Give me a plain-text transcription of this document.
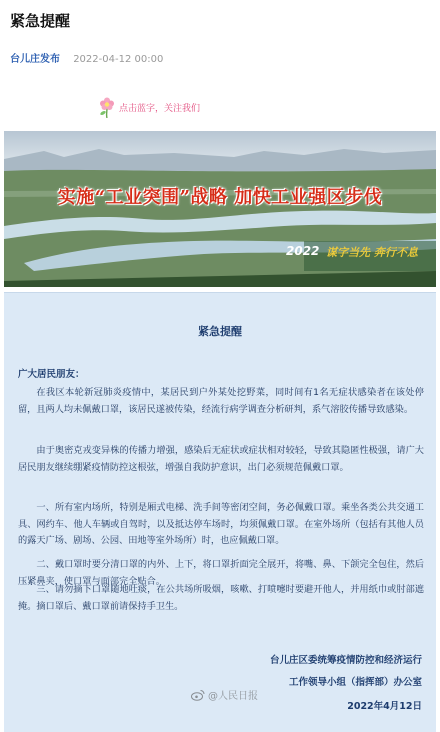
紧急提醒
台儿庄发布 2022-04-12 00:00
点击蓝字，关注我们
实施“工业突围”战略 加快工业强区步伐
2022 谋字当先 奔行不息
紧急提醒
广大居民朋友：
在我区本轮新冠肺炎疫情中，某居民到户外某处挖野菜，同时间有1名无症状感染者在该处停留，且两人均未佩戴口罩，该居民遂被传染，经流行病学调查分析研判，系气溶胶传播导致感染。
由于奥密克戎变异株的传播力增强，感染后无症状或症状相对较轻，导致其隐匿性极强，请广大居民朋友继续绷紧疫情防控这根弦，增强自我防护意识，出门必须规范佩戴口罩。
一、所有室内场所，特别是厢式电梯、洗手间等密闭空间，务必佩戴口罩。乘坐各类公共交通工具、网约车、他人车辆或自驾时，以及抵达停车场时，均须佩戴口罩。在室外场所（包括有其他人员的露天广场、剧场、公园、田地等室外场所）时，也应佩戴口罩。
二、戴口罩时要分清口罩的内外、上下，将口罩折面完全展开，将嘴、鼻、下颌完全包住，然后压紧鼻夹，使口罩与面部完全贴合。
三、请勿摘下口罩随地吐痰，在公共场所吸烟，咳嗽、打喷嚏时要避开他人，并用纸巾或肘部遮掩。摘口罩后、戴口罩前请保持手卫生。
台儿庄区委统筹疫情防控和经济运行
工作领导小组（指挥部）办公室
2022年4月12日
@人民日报
